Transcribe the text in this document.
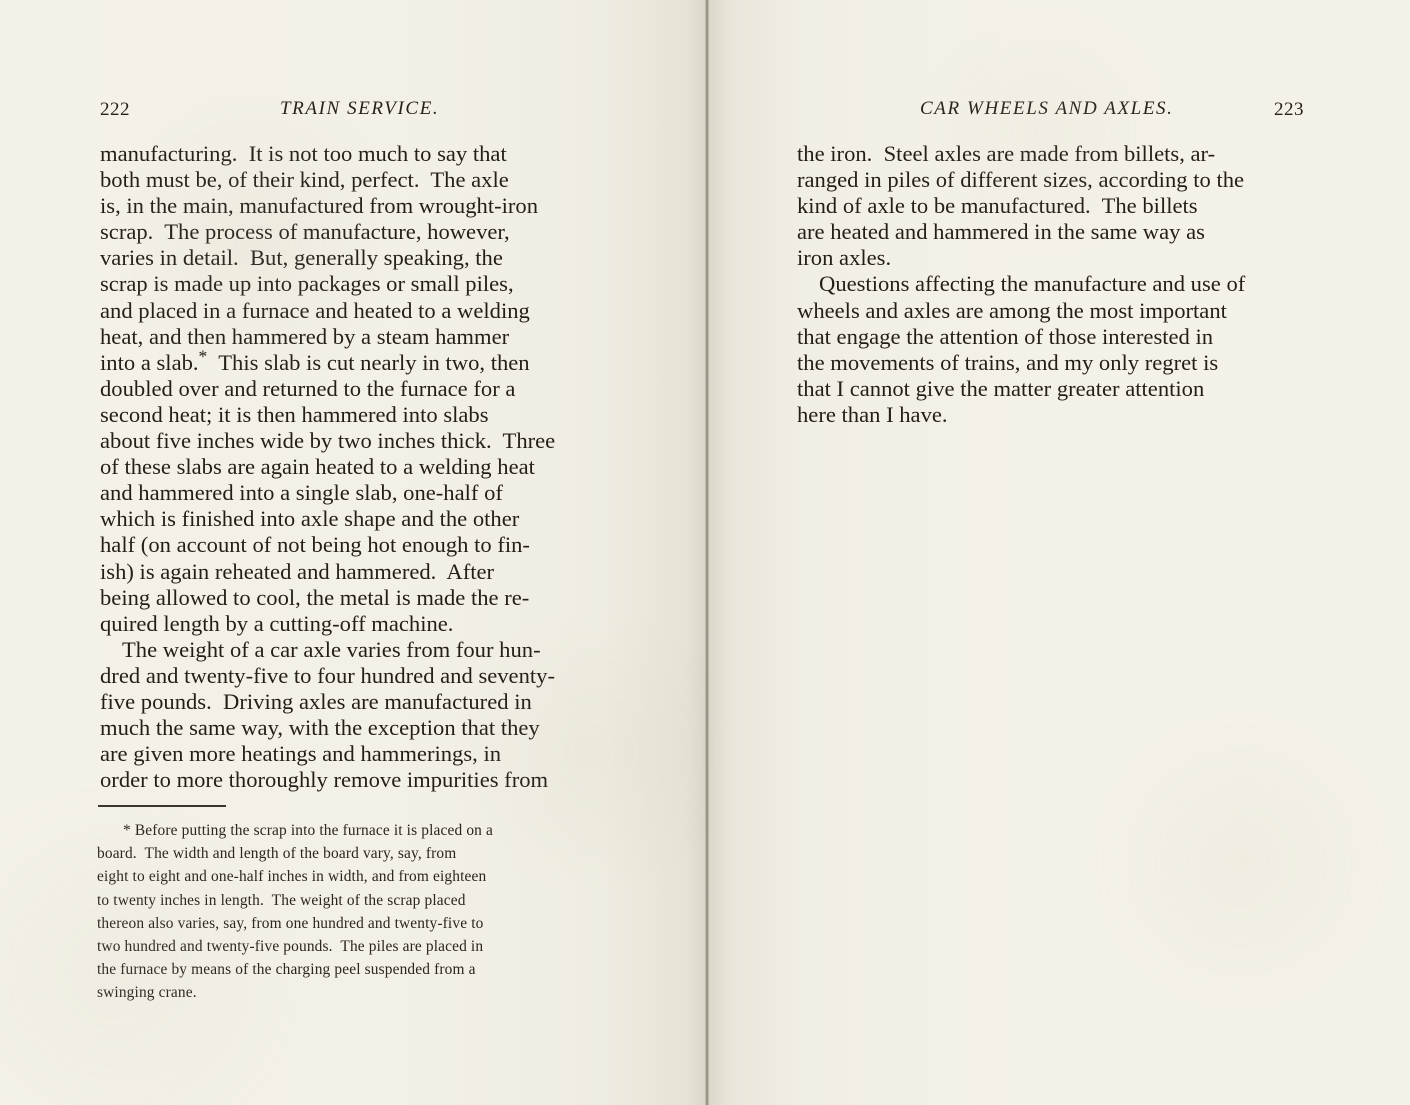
222	TRAIN SERVICE.

manufacturing. It is not too much to say that
both must be, of their kind, perfect. The axle
is, in the main, manufactured from wrought-iron
scrap. The process of manufacture, however,
varies in detail. But, generally speaking, the
scrap is made up into packages or small piles,
and placed in a furnace and heated to a welding
heat, and then hammered by a steam hammer
into a slab.* This slab is cut nearly in two, then
doubled over and returned to the furnace for a
second heat; it is then hammered into slabs
about five inches wide by two inches thick. Three
of these slabs are again heated to a welding heat
and hammered into a single slab, one-half of
which is finished into axle shape and the other
half (on account of not being hot enough to fin-
ish) is again reheated and hammered. After
being allowed to cool, the metal is made the re-
quired length by a cutting-off machine.

The weight of a car axle varies from four hun-
dred and twenty-five to four hundred and seventy-
five pounds. Driving axles are manufactured in
much the same way, with the exception that they
are given more heatings and hammerings, in
order to more thoroughly remove impurities from

* Before putting the scrap into the furnace it is placed on a
board. The width and length of the board vary, say, from
eight to eight and one-half inches in width, and from eighteen
to twenty inches in length. The weight of the scrap placed
thereon also varies, say, from one hundred and twenty-five to
two hundred and twenty-five pounds. The piles are placed in
the furnace by means of the charging peel suspended from a
swinging crane.
CAR WHEELS AND AXLES.	223

the iron. Steel axles are made from billets, ar-
ranged in piles of different sizes, according to the
kind of axle to be manufactured. The billets
are heated and hammered in the same way as
iron axles.

Questions affecting the manufacture and use of
wheels and axles are among the most important
that engage the attention of those interested in
the movements of trains, and my only regret is
that I cannot give the matter greater attention
here than I have.
